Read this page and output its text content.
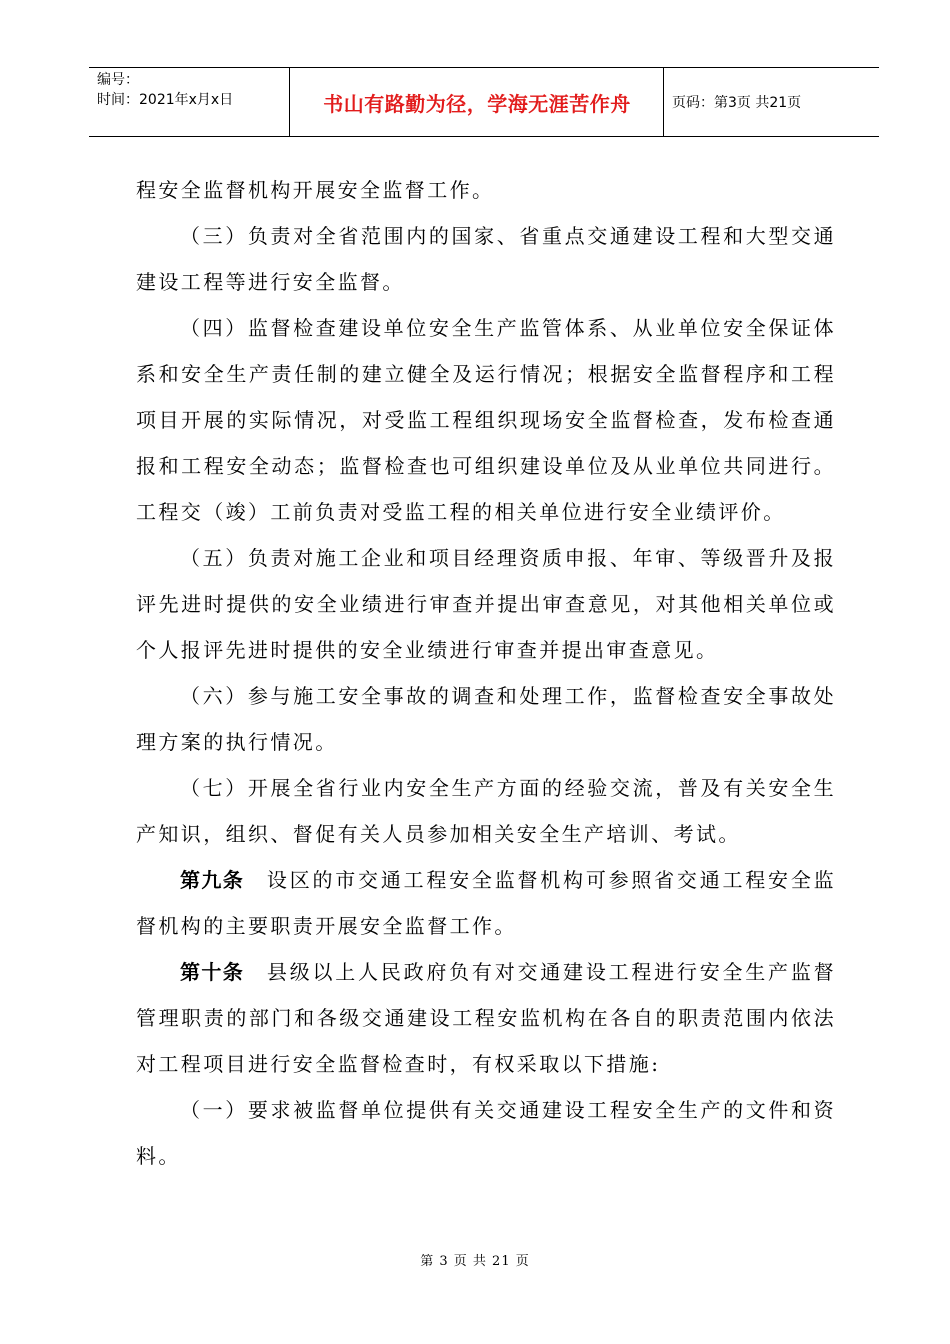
编号：
时间：2021年x月x日	书山有路勤为径，学海无涯苦作舟	页码：第3页 共21页

程安全监督机构开展安全监督工作。

（三）负责对全省范围内的国家、省重点交通建设工程和大型交通建设工程等进行安全监督。

（四）监督检查建设单位安全生产监管体系、从业单位安全保证体系和安全生产责任制的建立健全及运行情况；根据安全监督程序和工程项目开展的实际情况，对受监工程组织现场安全监督检查，发布检查通报和工程安全动态；监督检查也可组织建设单位及从业单位共同进行。工程交（竣）工前负责对受监工程的相关单位进行安全业绩评价。

（五）负责对施工企业和项目经理资质申报、年审、等级晋升及报评先进时提供的安全业绩进行审查并提出审查意见，对其他相关单位或个人报评先进时提供的安全业绩进行审查并提出审查意见。

（六）参与施工安全事故的调查和处理工作，监督检查安全事故处理方案的执行情况。

（七）开展全省行业内安全生产方面的经验交流，普及有关安全生产知识，组织、督促有关人员参加相关安全生产培训、考试。

第九条  设区的市交通工程安全监督机构可参照省交通工程安全监督机构的主要职责开展安全监督工作。

第十条  县级以上人民政府负有对交通建设工程进行安全生产监督管理职责的部门和各级交通建设工程安监机构在各自的职责范围内依法对工程项目进行安全监督检查时，有权采取以下措施:

（一）要求被监督单位提供有关交通建设工程安全生产的文件和资料。

第 3 页 共 21 页
